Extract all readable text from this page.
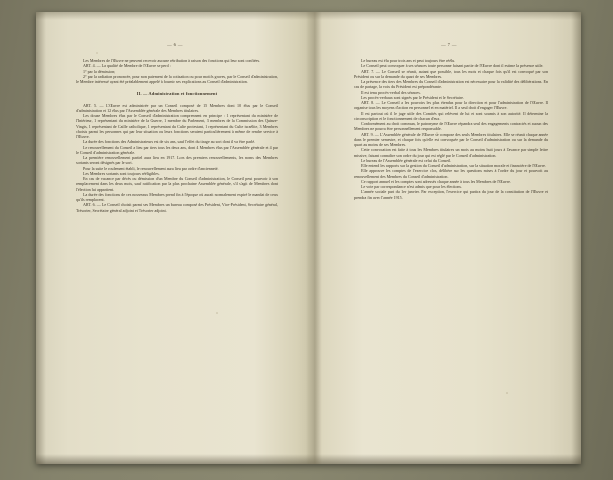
— 6 —

Les Membres de l'Œuvre ne peuvent recevoir aucune rétribution à raison des fonctions qui leur sont confiées.

ART. 4. — La qualité de Membre de l'Œuvre se perd :

1° par la démission;

2° par la radiation prononcée, pour non paiement de la cotisation ou pour motifs graves, par le Conseil d'administration, le Membre intéressé ayant été préalablement appelé à fournir ses explications au Conseil d'administration.

II. — Administration et fonctionnement

ART. 5. — L'Œuvre est administrée par un Conseil composé de 15 Membres dont 10 élus par le Conseil d'administration et 12 élus par l'Assemblée générale des Membres titulaires.

Les douze Membres élus par le Conseil d'administration comprennent en principe : 1 représentant du ministère de l'Intérieur, 1 représentant du ministère de la Guerre, 1 membre du Parlement, 3 membres de la Commission des Quinze-Vingts, 1 représentant de Caille catholique, 1 représentant du Culte protestant, 1 représentant du Culte israélite, 3 Membres choisis parmi les personnes qui par leur situation ou leurs fonctions seraient particulièrement à même de rendre service à l'Œuvre.

La durée des fonctions des Administrateurs est de six ans, sauf l'effet du tirage au sort dont il va être parlé.

Le renouvellement du Conseil a lieu par tiers tous les deux ans, dont 4 Membres élus par l'Assemblée générale et 4 par le Conseil d'administration générale.

La première renouvellement partiel aura lieu en 1917. Lors des premiers renouvellements, les noms des Membres sortants seront désignés par le sort.

Pour la suite le roulement établi, le renouvellement aura lieu par ordre d'ancienneté.

Les Membres sortants sont toujours rééligibles.

En cas de vacance par décès ou démission d'un Membre du Conseil d'administration, le Conseil peut pourvoir à son remplacement dans les deux mois, sauf ratification par la plus prochaine Assemblée générale, s'il s'agit de Membres dont l'élection lui appartient.

La durée des fonctions de ces nouveaux Membres prend fin à l'époque où aurait normalement expiré le mandat de ceux qu'ils remplacent.

ART. 6. — Le Conseil choisit parmi ses Membres un bureau composé des Président, Vice-Président, Secrétaire général, Trésorier, Secrétaire général adjoint et Trésorier adjoint.

— 7 —

Le bureau est élu pour trois ans et peut toujours être réélu.

Le Conseil peut convoquer à ses séances toute personne faisant partie de l'Œuvre dont il estime la présence utile.

ART. 7. — Le Conseil se réunit, autant que possible, tous les mois et chaque fois qu'il est convoqué par son Président ou sur la demande du quart de ses Membres.

La présence des tiers des Membres du Conseil d'administration est nécessaire pour la validité des délibérations. En cas de partage, la voix du Président est prépondérante.

Il est tenu procès-verbal des séances.

Les procès-verbaux sont signés par le Président et le Secrétaire.

ART. 8. — Le Conseil a les pouvoirs les plus étendus pour la direction et pour l'administration de l'Œuvre. Il organise tous les moyens d'action en personnel et en matériel. Il a seul droit d'engager l'Œuvre.

Il est partout où il le juge utile des Comités qui relèvent de lui et sont soumis à son autorité. Il détermine la circonscription et le fonctionnement de chacun d'eux.

Conformément au droit commun, le patronyme de l'Œuvre répandra seul des engagements contractés et aucun des Membres ne pourra être personnellement responsable.

ART. 9. — L'Assemblée générale de l'Œuvre se compose des seuls Membres titulaires. Elle se réunit chaque année dans le premier semestre, et chaque fois qu'elle est convoquée par le Conseil d'administration ou sur la demande du quart au moins de ses Membres.

Cette convocation est faite à tous les Membres titulaires un mois au moins huit jours à l'avance par simple lettre missive, faisant connaître son ordre du jour qui est réglé par le Conseil d'administration.

Le bureau de l'Assemblée générale est celui du Conseil.

Elle entend les rapports sur la gestion du Conseil d'administration, sur la situation morale et financière de l'Œuvre.

Elle approuve les comptes de l'exercice clos, délibère sur les questions mises à l'ordre du jour et pourvoit au renouvellement des Membres du Conseil d'administration.

Ce rapport annuel et les comptes sont adressés chaque année à tous les Membres de l'Œuvre.

Le vote par correspondance n'est admis que pour les élections.

L'année sociale part du 1er janvier. Par exception, l'exercice qui partira du jour de la constitution de l'Œuvre et prendra fin avec l'année 1915.
